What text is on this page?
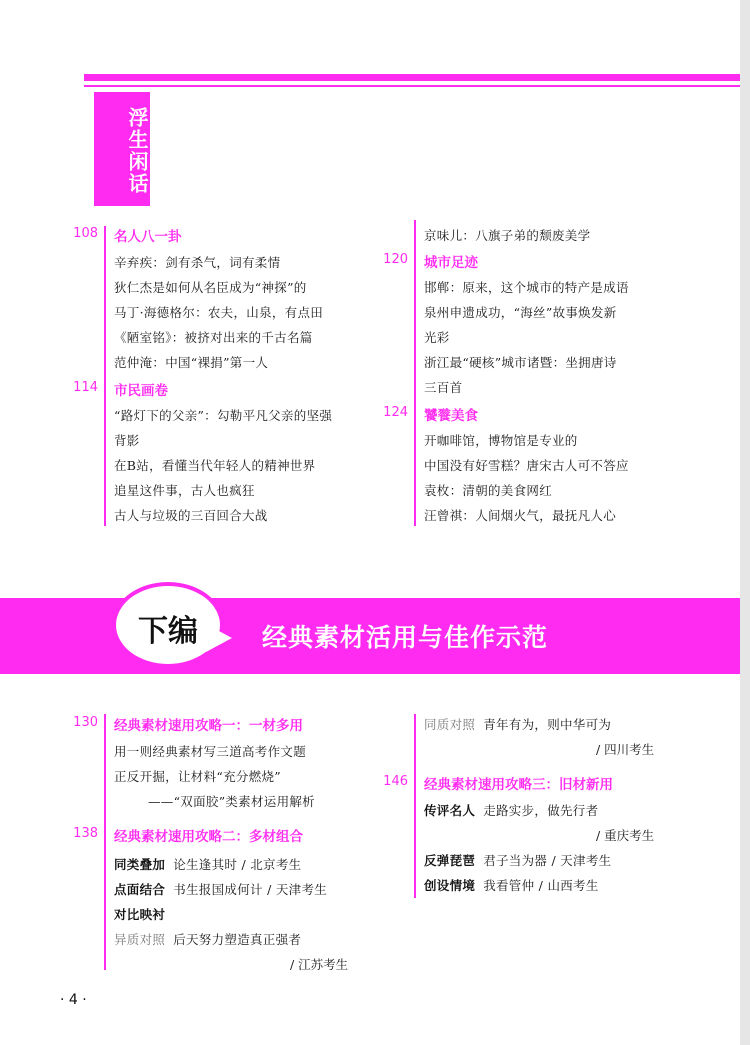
浮生闲话
108 名人八一卦
辛弃疾：剑有杀气，词有柔情
狄仁杰是如何从名臣成为“神探”的
马丁·海德格尔：农夫，山泉，有点田
《陋室铭》：被挤对出来的千古名篇
范仲淹：中国“裸捐”第一人
114 市民画卷
“路灯下的父亲”：勾勒平凡父亲的坚强
背影
在B站，看懂当代年轻人的精神世界
追星这件事，古人也疯狂
古人与垃圾的三百回合大战
京味儿：八旗子弟的颓废美学
120 城市足迹
邯郸：原来，这个城市的特产是成语
泉州申遗成功，“海丝”故事焕发新
光彩
浙江最“硬核”城市诸暨：坐拥唐诗
三百首
124 饕餮美食
开咖啡馆，博物馆是专业的
中国没有好雪糕？唐宋古人可不答应
袁枚：清朝的美食网红
汪曾祺：人间烟火气，最抚凡人心
下编	经典素材活用与佳作示范
130 经典素材速用攻略一：一材多用
用一则经典素材写三道高考作文题
正反开掘，让材料“充分燃烧”
——“双面胶”类素材运用解析
138 经典素材速用攻略二：多材组合
同类叠加 论生逢其时 / 北京考生
点面结合 书生报国成何计 / 天津考生
对比映衬
异质对照 后天努力塑造真正强者
/ 江苏考生
同质对照 青年有为，则中华可为
/ 四川考生
146 经典素材速用攻略三：旧材新用
传评名人 走路实步，做先行者
/ 重庆考生
反弹琵琶 君子当为器 / 天津考生
创设情境 我看管仲 / 山西考生
· 4 ·
